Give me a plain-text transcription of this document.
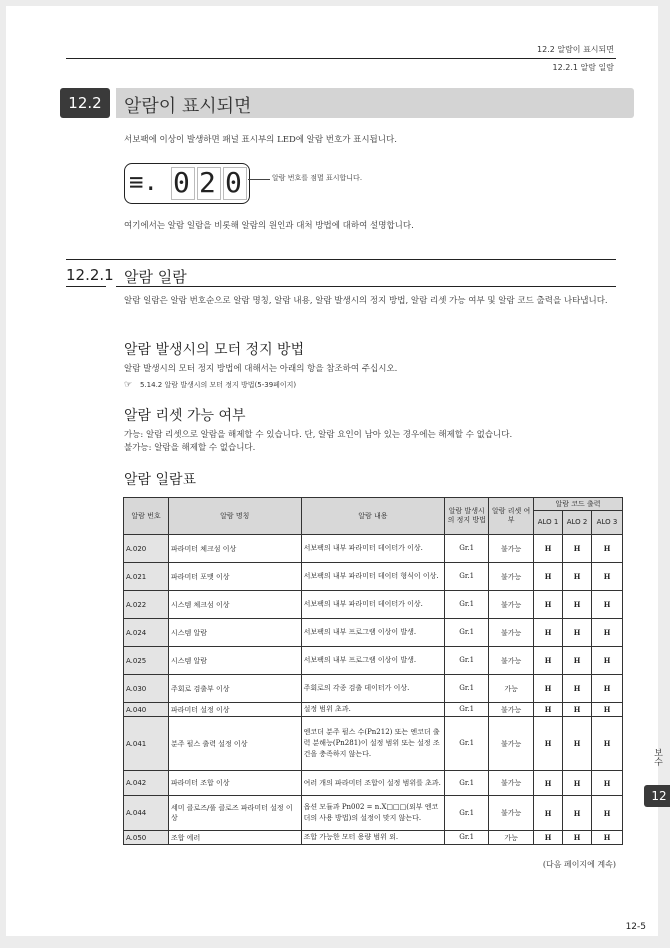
12.2 알람이 표시되면
12.2.1 알람 일람
12.2	알람이 표시되면
서보팩에 이상이 발생하면 패널 표시부의 LED에 알람 번호가 표시됩니다.
≡. 0 2 0	알람 번호를 점멸 표시합니다.
여기에서는 알람 일람을 비롯해 알람의 원인과 대처 방법에 대하여 설명합니다.
12.2.1 알람 일람
알람 일람은 알람 번호순으로 알람 명칭, 알람 내용, 알람 발생시의 정지 방법, 알람 리셋 가능 여부 및 알람 코드 출력을 나타냅니다.
알람 발생시의 모터 정지 방법
알람 발생시의 모터 정지 방법에 대해서는 아래의 항을 참조하여 주십시오.
☞ 5.14.2 알람 발생시의 모터 정지 방법(5-39페이지)
알람 리셋 가능 여부
가능: 알람 리셋으로 알람을 해제할 수 있습니다. 단, 알람 요인이 남아 있는 경우에는 해제할 수 없습니다.
불가능: 알람을 해제할 수 없습니다.
알람 일람표
알람 번호	알람 명칭	알람 내용	알람 발생시의 정지 방법	알람 리셋 여부	알람 코드 출력		
					ALO 1	ALO 2	ALO 3
A.020	파라미터 체크섬 이상	서보팩의 내부 파라미터 데이터가 이상.	Gr.1	불가능	H	H	H
A.021	파라미터 포맷 이상	서보팩의 내부 파라미터 데이터 형식이 이상.	Gr.1	불가능	H	H	H
A.022	시스템 체크섬 이상	서보팩의 내부 파라미터 데이터가 이상.	Gr.1	불가능	H	H	H
A.024	시스템 알람	서보팩의 내부 프로그램 이상이 발생.	Gr.1	불가능	H	H	H
A.025	시스템 알람	서보팩의 내부 프로그램 이상이 발생.	Gr.1	불가능	H	H	H
A.030	주회로 검출부 이상	주회로의 각종 검출 데이터가 이상.	Gr.1	가능	H	H	H
A.040	파라미터 설정 이상	설정 범위 초과.	Gr.1	불가능	H	H	H
A.041	분주 펄스 출력 설정 이상	엔코더 분주 펄스 수(Pn212) 또는 엔코더 출력 분해능(Pn281)이 설정 범위 또는 설정 조건을 충족하지 않는다.	Gr.1	불가능	H	H	H
A.042	파라미터 조합 이상	여러 개의 파라미터 조합이 설정 범위를 초과.	Gr.1	불가능	H	H	H
A.044	세미 클로즈/풀 클로즈 파라미터 설정 이상	옵션 모듈과 Pn002 = n.X□□□(외부 엔코더의 사용 방법)의 설정이 맞지 않는다.	Gr.1	불가능	H	H	H
A.050	조합 에러	조합 가능한 모터 용량 범위 외.	Gr.1	가능	H	H	H
(다음 페이지에 계속)
보수
12
12-5
